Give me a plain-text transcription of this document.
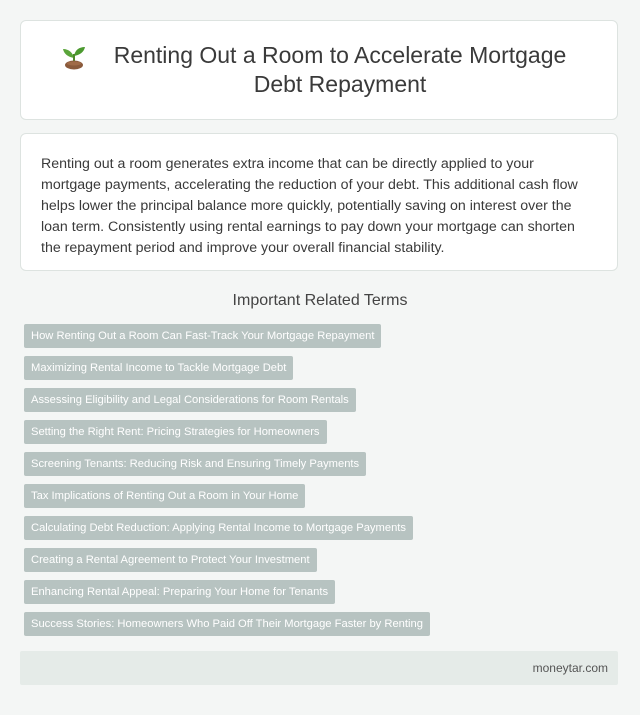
Renting Out a Room to Accelerate Mortgage Debt Repayment

Renting out a room generates extra income that can be directly applied to your mortgage payments, accelerating the reduction of your debt. This additional cash flow helps lower the principal balance more quickly, potentially saving on interest over the loan term. Consistently using rental earnings to pay down your mortgage can shorten the repayment period and improve your overall financial stability.

Important Related Terms
How Renting Out a Room Can Fast-Track Your Mortgage Repayment
Maximizing Rental Income to Tackle Mortgage Debt
Assessing Eligibility and Legal Considerations for Room Rentals
Setting the Right Rent: Pricing Strategies for Homeowners
Screening Tenants: Reducing Risk and Ensuring Timely Payments
Tax Implications of Renting Out a Room in Your Home
Calculating Debt Reduction: Applying Rental Income to Mortgage Payments
Creating a Rental Agreement to Protect Your Investment
Enhancing Rental Appeal: Preparing Your Home for Tenants
Success Stories: Homeowners Who Paid Off Their Mortgage Faster by Renting
moneytar.com
